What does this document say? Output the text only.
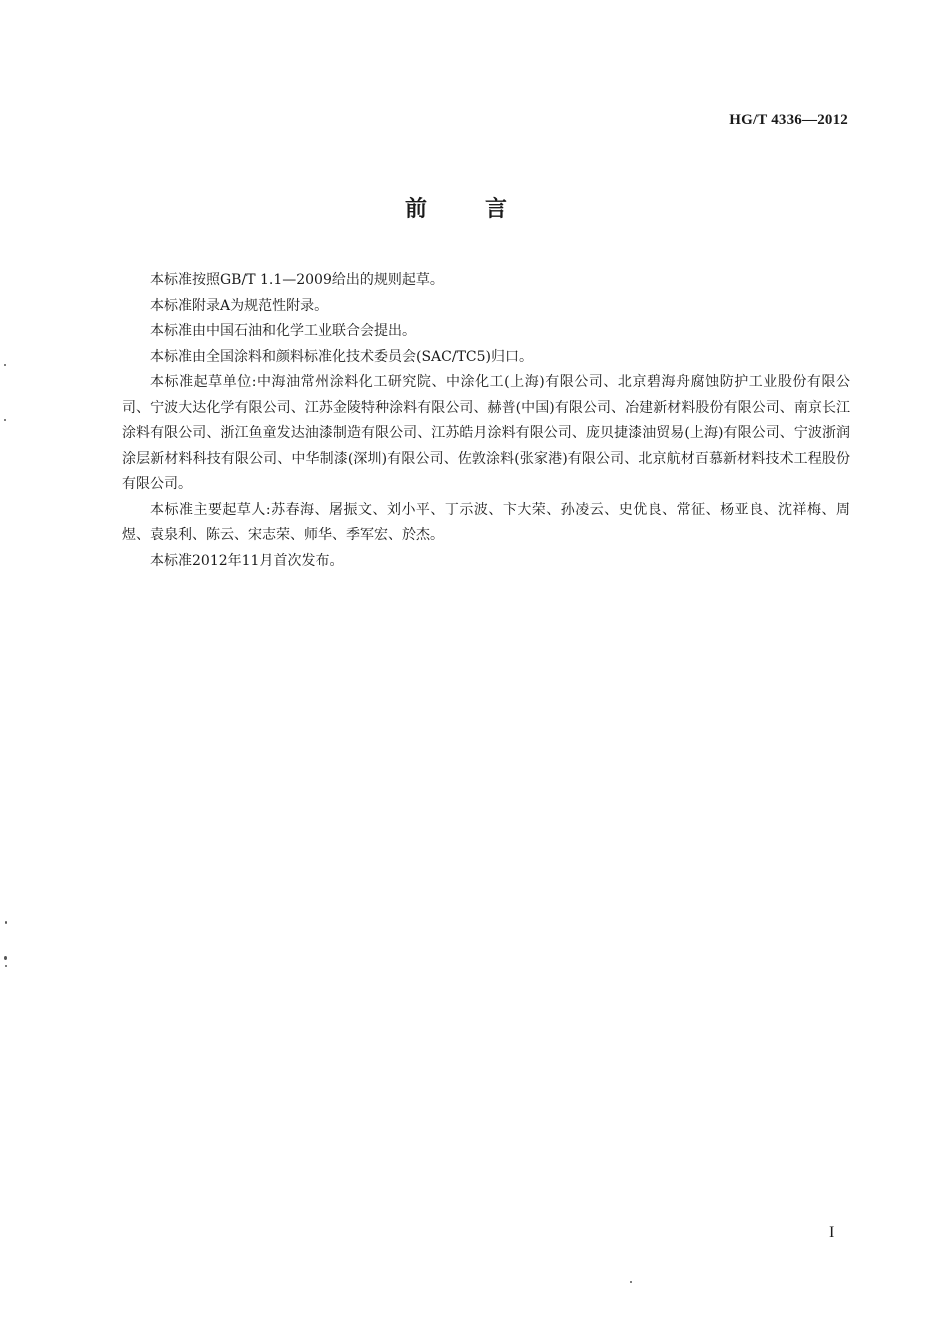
HG/T 4336—2012
前言

本标准按照GB/T 1.1—2009给出的规则起草。

本标准附录A为规范性附录。

本标准由中国石油和化学工业联合会提出。

本标准由全国涂料和颜料标准化技术委员会(SAC/TC5)归口。

本标准起草单位:中海油常州涂料化工研究院、中涂化工(上海)有限公司、北京碧海舟腐蚀防护工业股份有限公司、宁波大达化学有限公司、江苏金陵特种涂料有限公司、赫普(中国)有限公司、冶建新材料股份有限公司、南京长江涂料有限公司、浙江鱼童发达油漆制造有限公司、江苏皓月涂料有限公司、庞贝捷漆油贸易(上海)有限公司、宁波浙润涂层新材料科技有限公司、中华制漆(深圳)有限公司、佐敦涂料(张家港)有限公司、北京航材百慕新材料技术工程股份有限公司。

本标准主要起草人:苏春海、屠振文、刘小平、丁示波、卞大荣、孙凌云、史优良、常征、杨亚良、沈祥梅、周煜、袁泉利、陈云、宋志荣、师华、季军宏、於杰。

本标准2012年11月首次发布。

I
